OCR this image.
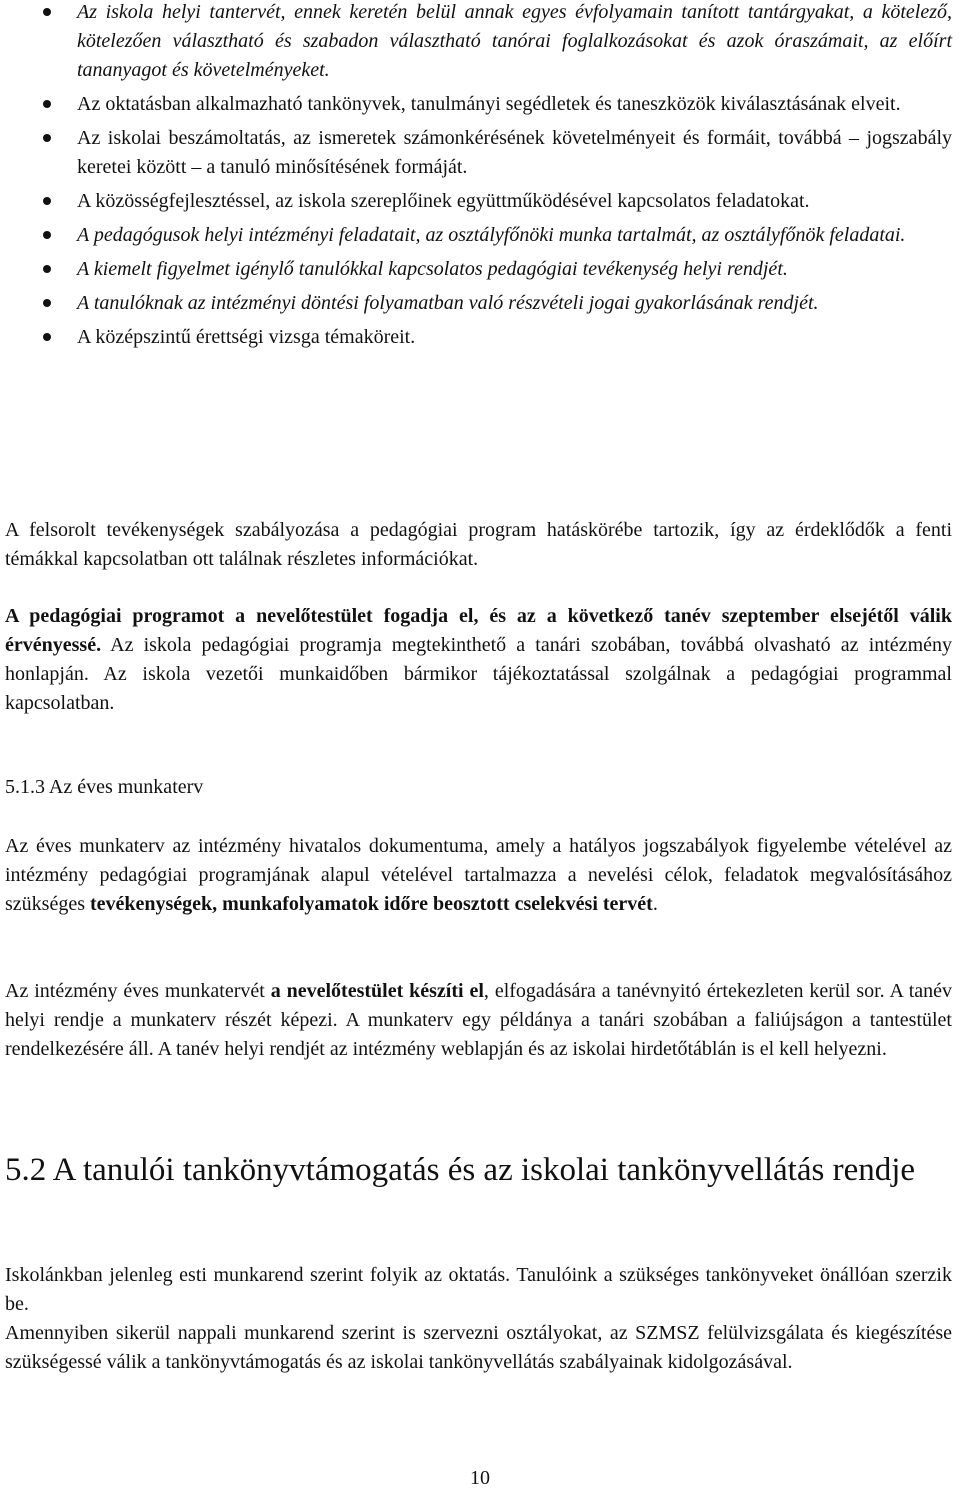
Az iskola helyi tantervét, ennek keretén belül annak egyes évfolyamain tanított tantárgyakat, a kötelező, kötelezően választható és szabadon választható tanórai foglalkozásokat és azok óraszámait, az előírt tananyagot és követelményeket.
Az oktatásban alkalmazható tankönyvek, tanulmányi segédletek és taneszközök kiválasztásának elveit.
Az iskolai beszámoltatás, az ismeretek számonkérésének követelményeit és formáit, továbbá – jogszabály keretei között – a tanuló minősítésének formáját.
A közösségfejlesztéssel, az iskola szereplőinek együttműködésével kapcsolatos feladatokat.
A pedagógusok helyi intézményi feladatait, az osztályfőnöki munka tartalmát, az osztályfőnök feladatai.
A kiemelt figyelmet igénylő tanulókkal kapcsolatos pedagógiai tevékenység helyi rendjét.
A tanulóknak az intézményi döntési folyamatban való részvételi jogai gyakorlásának rendjét.
A középszintű érettségi vizsga témaköreit.

A felsorolt tevékenységek szabályozása a pedagógiai program hatáskörébe tartozik, így az érdeklődők a fenti témákkal kapcsolatban ott találnak részletes információkat.

A pedagógiai programot a nevelőtestület fogadja el, és az a következő tanév szeptember elsejétől válik érvényessé. Az iskola pedagógiai programja megtekinthető a tanári szobában, továbbá olvasható az intézmény honlapján. Az iskola vezetői munkaidőben bármikor tájékoztatással szolgálnak a pedagógiai programmal kapcsolatban.

5.1.3 Az éves munkaterv

Az éves munkaterv az intézmény hivatalos dokumentuma, amely a hatályos jogszabályok figyelembe vételével az intézmény pedagógiai programjának alapul vételével tartalmazza a nevelési célok, feladatok megvalósításához szükséges tevékenységek, munkafolyamatok időre beosztott cselekvési tervét.

Az intézmény éves munkatervét a nevelőtestület készíti el, elfogadására a tanévnyitó értekezleten kerül sor. A tanév helyi rendje a munkaterv részét képezi. A munkaterv egy példánya a tanári szobában a faliújságon a tantestület rendelkezésére áll. A tanév helyi rendjét az intézmény weblapján és az iskolai hirdetőtáblán is el kell helyezni.

5.2 A tanulói tankönyvtámogatás és az iskolai tankönyvellátás rendje

Iskolánkban jelenleg esti munkarend szerint folyik az oktatás. Tanulóink a szükséges tankönyveket önállóan szerzik be.

Amennyiben sikerül nappali munkarend szerint is szervezni osztályokat, az SZMSZ felülvizsgálata és kiegészítése szükségessé válik a tankönyvtámogatás és az iskolai tankönyvellátás szabályainak kidolgozásával.

10
